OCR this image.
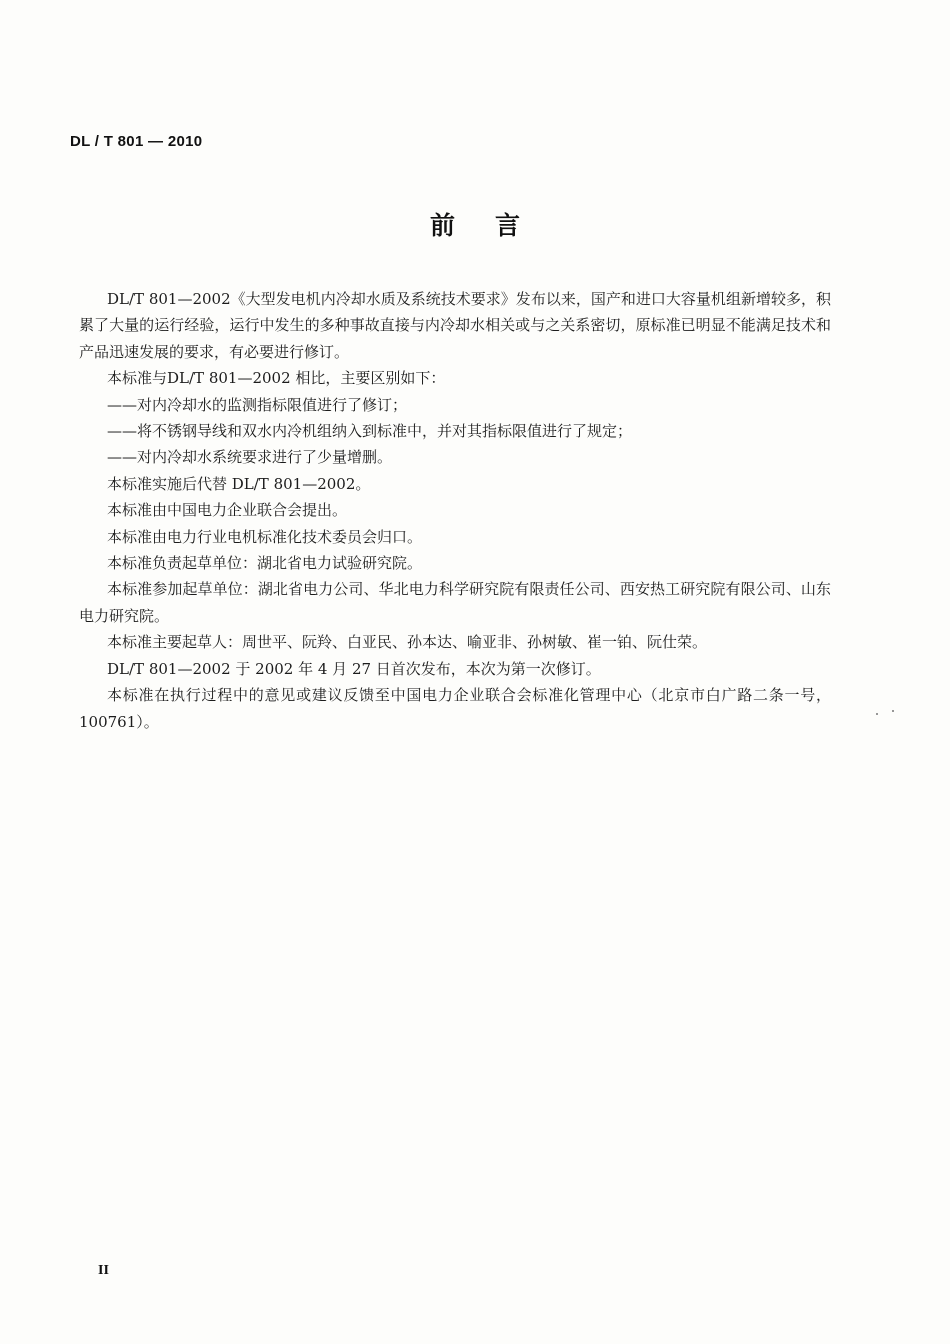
DL / T 801 — 2010
前言

DL/T 801—2002《大型发电机内冷却水质及系统技术要求》发布以来，国产和进口大容量机组新增较多，积累了大量的运行经验，运行中发生的多种事故直接与内冷却水相关或与之关系密切，原标准已明显不能满足技术和产品迅速发展的要求，有必要进行修订。

本标准与DL/T 801—2002 相比，主要区别如下：

——对内冷却水的监测指标限值进行了修订；

——将不锈钢导线和双水内冷机组纳入到标准中，并对其指标限值进行了规定；

——对内冷却水系统要求进行了少量增删。

本标准实施后代替 DL/T 801—2002。

本标准由中国电力企业联合会提出。

本标准由电力行业电机标准化技术委员会归口。

本标准负责起草单位：湖北省电力试验研究院。

本标准参加起草单位：湖北省电力公司、华北电力科学研究院有限责任公司、西安热工研究院有限公司、山东电力研究院。

本标准主要起草人：周世平、阮羚、白亚民、孙本达、喻亚非、孙树敏、崔一铂、阮仕荣。

DL/T 801—2002 于 2002 年 4 月 27 日首次发布，本次为第一次修订。

本标准在执行过程中的意见或建议反馈至中国电力企业联合会标准化管理中心（北京市白广路二条一号，100761）。

II
